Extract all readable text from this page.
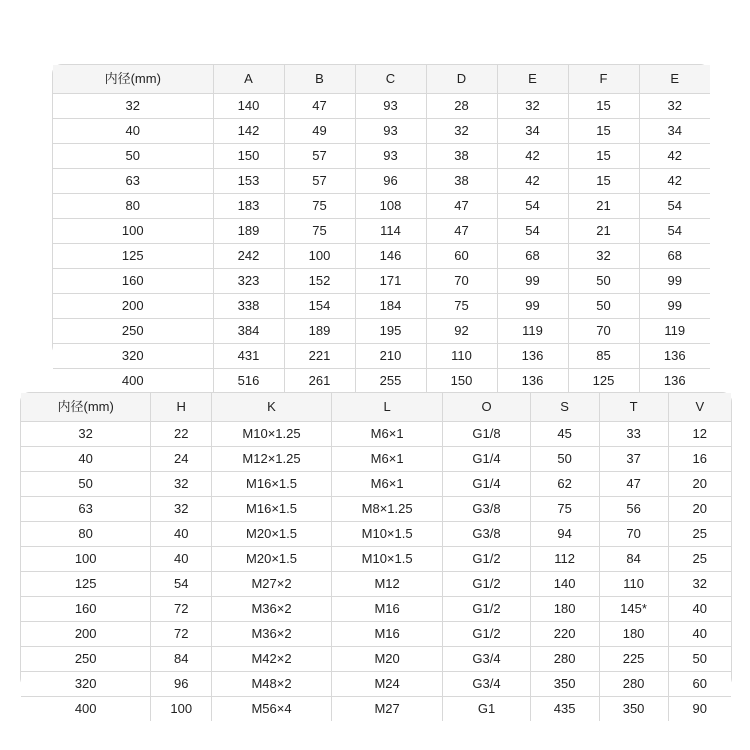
内径(mm)	A	B	C	D	E	F	E
32	140	47	93	28	32	15	32
40	142	49	93	32	34	15	34
50	150	57	93	38	42	15	42
63	153	57	96	38	42	15	42
80	183	75	108	47	54	21	54
100	189	75	114	47	54	21	54
125	242	100	146	60	68	32	68
160	323	152	171	70	99	50	99
200	338	154	184	75	99	50	99
250	384	189	195	92	119	70	119
320	431	221	210	110	136	85	136
400	516	261	255	150	136	125	136
内径(mm)	H	K	L	O	S	T	V
32	22	M10×1.25	M6×1	G1/8	45	33	12
40	24	M12×1.25	M6×1	G1/4	50	37	16
50	32	M16×1.5	M6×1	G1/4	62	47	20
63	32	M16×1.5	M8×1.25	G3/8	75	56	20
80	40	M20×1.5	M10×1.5	G3/8	94	70	25
100	40	M20×1.5	M10×1.5	G1/2	112	84	25
125	54	M27×2	M12	G1/2	140	110	32
160	72	M36×2	M16	G1/2	180	145*	40
200	72	M36×2	M16	G1/2	220	180	40
250	84	M42×2	M20	G3/4	280	225	50
320	96	M48×2	M24	G3/4	350	280	60
400	100	M56×4	M27	G1	435	350	90
